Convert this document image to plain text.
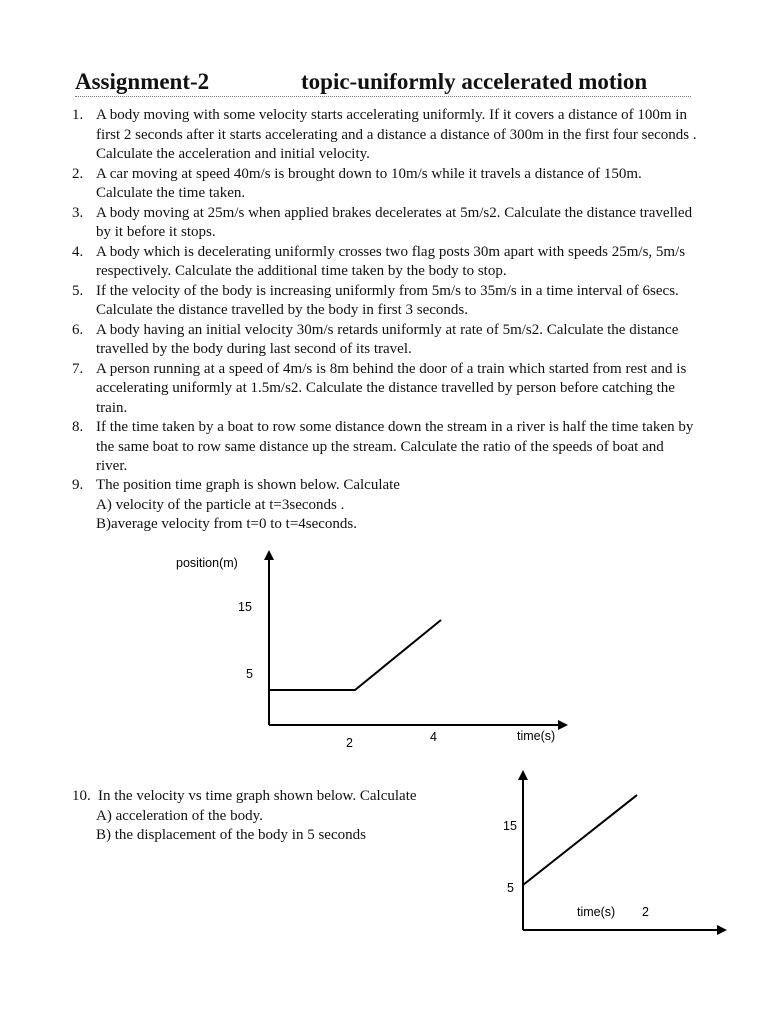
Assignment-2	topic-uniformly accelerated motion
1. A body moving with some velocity starts accelerating uniformly. If it covers a distance of 100m in first 2 seconds after it starts accelerating and a distance a distance of 300m in the first four seconds . Calculate the acceleration and initial velocity.
2. A car moving at speed 40m/s is brought down to 10m/s while it travels a distance of 150m. Calculate the time taken.
3. A body moving at 25m/s when applied brakes decelerates at 5m/s2. Calculate the distance travelled by it before it stops.
4. A body which is decelerating uniformly crosses two flag posts 30m apart with speeds 25m/s, 5m/s respectively. Calculate the additional time taken by the body to stop.
5. If the velocity of the body is increasing uniformly from 5m/s to 35m/s in a time interval of 6secs. Calculate the distance travelled by the body in first 3 seconds.
6. A body having an initial velocity 30m/s retards uniformly at rate of 5m/s2. Calculate the distance travelled by the body during last second of its travel.
7. A person running at a speed of 4m/s is 8m behind the door of a train which started from rest and is accelerating uniformly at 1.5m/s2. Calculate the distance travelled by person before catching the train.
8. If the time taken by a boat to row some distance down the stream in a river is half the time taken by the same boat to row same distance up the stream. Calculate the ratio of the speeds of boat and river.
9. The position time graph is shown below. Calculate
A) velocity of the particle at t=3seconds .
B)average velocity from t=0 to t=4seconds.
10. In the velocity vs time graph shown below. Calculate
A) acceleration of the body.
B) the displacement of the body in 5 seconds
position(m)
15
5
2	4	time(s)
15
5
time(s) 2
